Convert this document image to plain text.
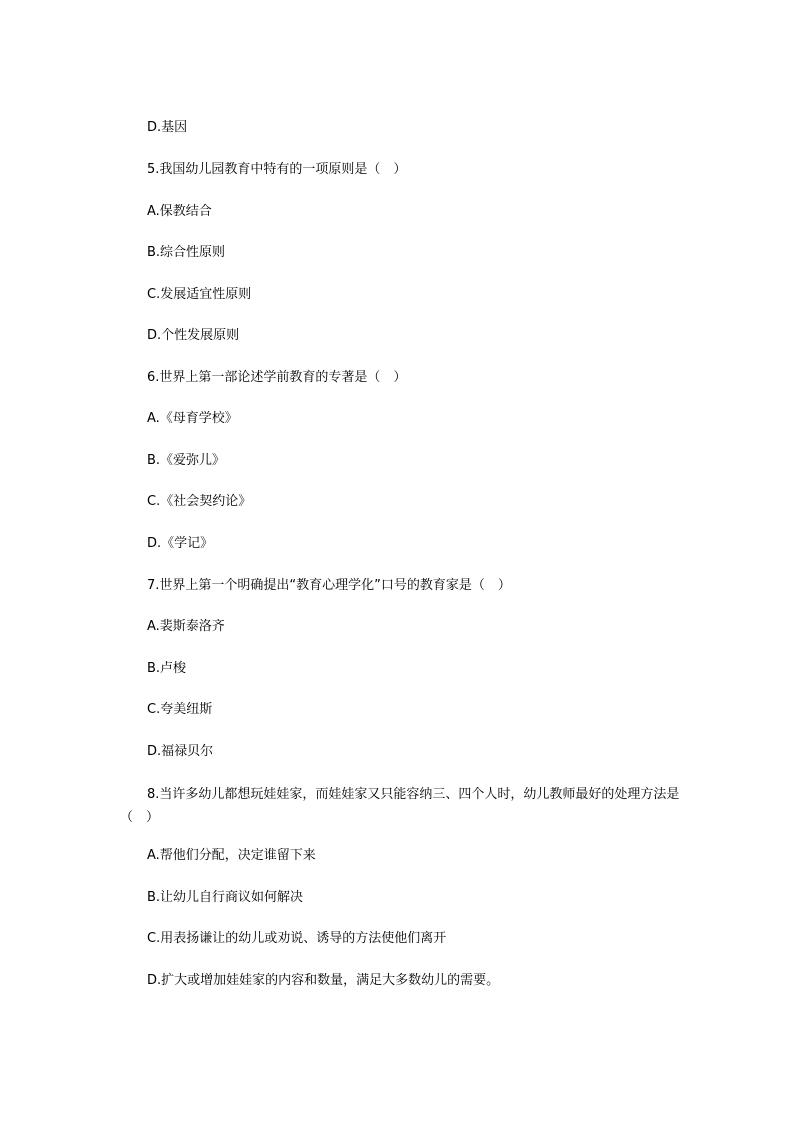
D.基因
5.我国幼儿园教育中特有的一项原则是（　）
A.保教结合
B.综合性原则
C.发展适宜性原则
D.个性发展原则
6.世界上第一部论述学前教育的专著是（　）
A.《母育学校》
B.《爱弥儿》
C.《社会契约论》
D.《学记》
7.世界上第一个明确提出“教育心理学化”口号的教育家是（　）
A.裴斯泰洛齐
B.卢梭
C.夸美纽斯
D.福禄贝尔
8.当许多幼儿都想玩娃娃家，而娃娃家又只能容纳三、四个人时，幼儿教师最好的处理方法是（　）
A.帮他们分配，决定谁留下来
B.让幼儿自行商议如何解决
C.用表扬谦让的幼儿或劝说、诱导的方法使他们离开
D.扩大或增加娃娃家的内容和数量，满足大多数幼儿的需要。
